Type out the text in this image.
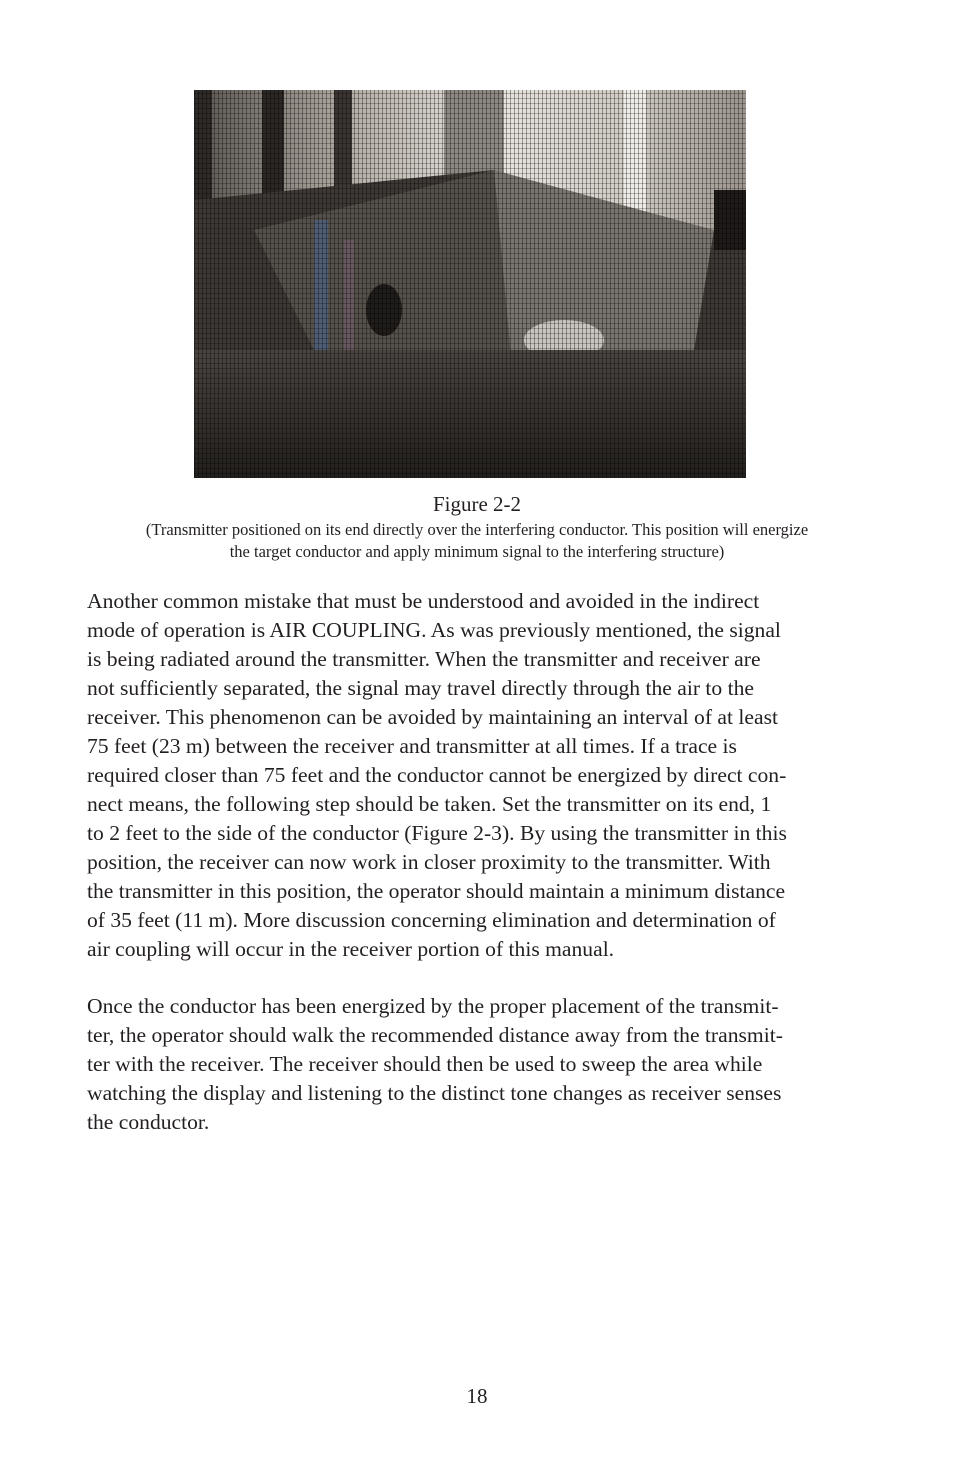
Figure 2-2
(Transmitter positioned on its end directly over the interfering conductor. This position will energize
the target conductor and apply minimum signal to the interfering structure)
Another common mistake that must be understood and avoided in the indirect
mode of operation is AIR COUPLING. As was previously mentioned, the signal
is being radiated around the transmitter. When the transmitter and receiver are
not sufficiently separated, the signal may travel directly through the air to the
receiver. This phenomenon can be avoided by maintaining an interval of at least
75 feet (23 m) between the receiver and transmitter at all times. If a trace is
required closer than 75 feet and the conductor cannot be energized by direct con-
nect means, the following step should be taken. Set the transmitter on its end, 1
to 2 feet to the side of the conductor (Figure 2-3). By using the transmitter in this
position, the receiver can now work in closer proximity to the transmitter. With
the transmitter in this position, the operator should maintain a minimum distance
of 35 feet (11 m). More discussion concerning elimination and determination of
air coupling will occur in the receiver portion of this manual.
Once the conductor has been energized by the proper placement of the transmit-
ter, the operator should walk the recommended distance away from the transmit-
ter with the receiver. The receiver should then be used to sweep the area while
watching the display and listening to the distinct tone changes as receiver senses
the conductor.
18
